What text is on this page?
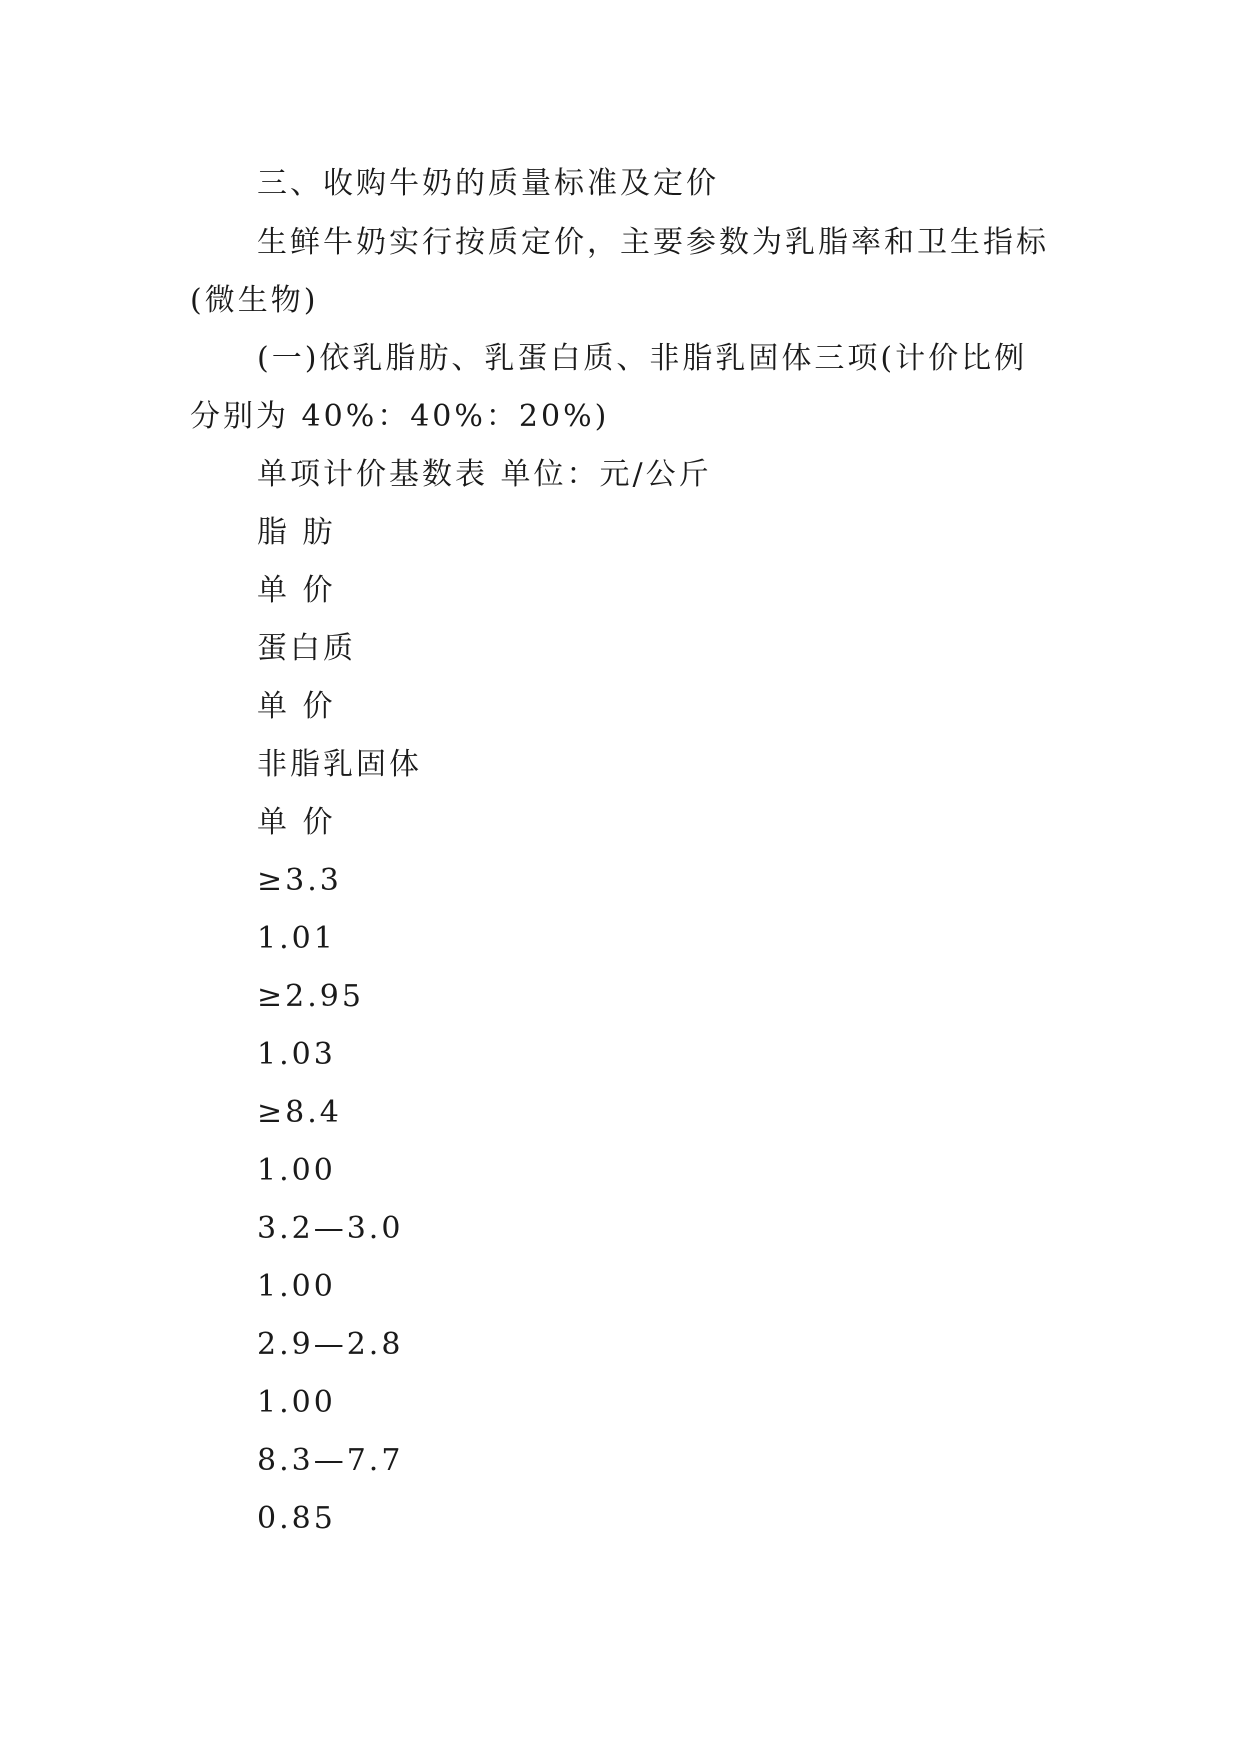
三、收购牛奶的质量标准及定价
生鲜牛奶实行按质定价，主要参数为乳脂率和卫生指标
(微生物)
(一)依乳脂肪、乳蛋白质、非脂乳固体三项(计价比例
分别为 40%：40%：20%)
单项计价基数表 单位：元/公斤
脂 肪
单 价
蛋白质
单 价
非脂乳固体
单 价
≥3.3
1.01
≥2.95
1.03
≥8.4
1.00
3.2—3.0
1.00
2.9—2.8
1.00
8.3—7.7
0.85
